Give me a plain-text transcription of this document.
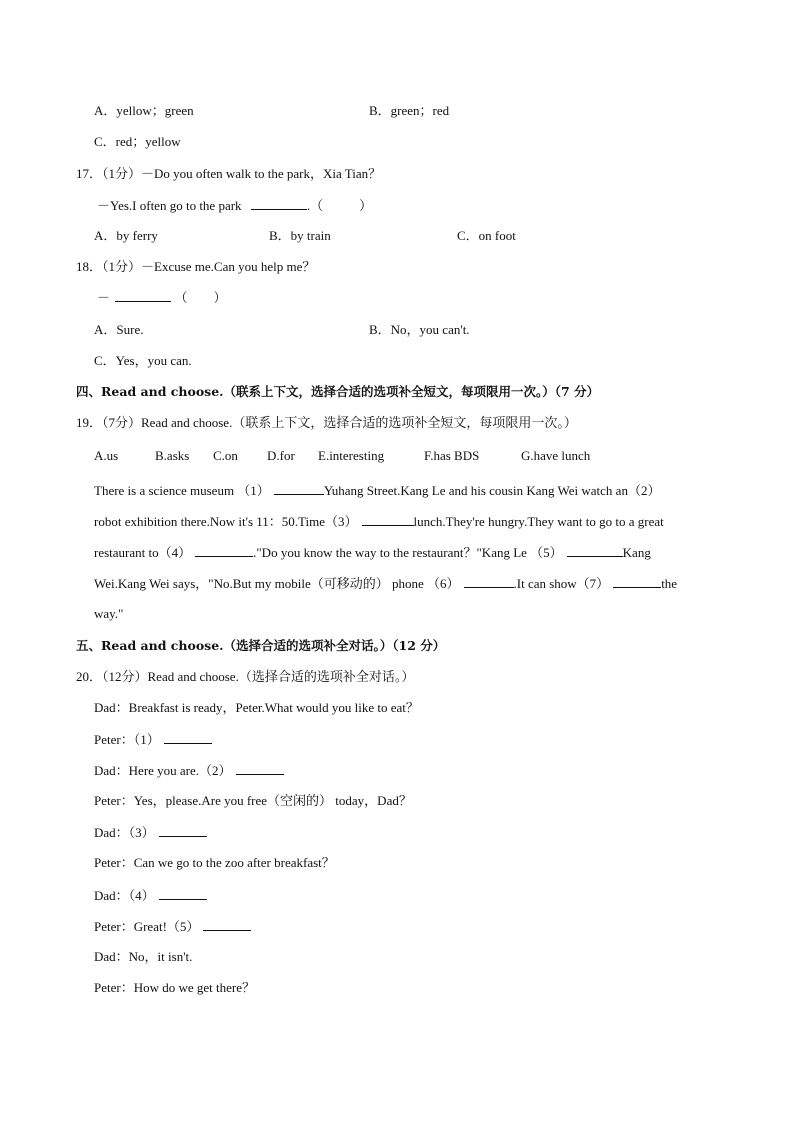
A．yellow；green	B．green；red
C．red；yellow
17．（1分）－Do you often walk to the park，Xia Tian？
－Yes.I often go to the park	.（	）
A．by ferry	B．by train	C．on foot
18．（1分）－Excuse me.Can you help me？
－	（ ）
A．Sure.	B．No，you can't.
C．Yes，you can.
四、Read and choose.（联系上下文，选择合适的选项补全短文，每项限用一次。）（7 分）
19．（7分）Read and choose.（联系上下文，选择合适的选项补全短文，每项限用一次。）
A.us	B.asks C.on D.for E.interesting	F.has BDS	G.have lunch
There is a science museum （1）	Yuhang Street.Kang Le and his cousin Kang Wei watch an（2）
robot exhibition there.Now it's 11：50.Time（3）	lunch.They're hungry.They want to go to a great
restaurant to（4）	."Do you know the way to the restaurant？"Kang Le （5）	Kang
Wei.Kang Wei says，"No.But my mobile（可移动的） phone （6）	.It can show（7）	the
way."
五、Read and choose.（选择合适的选项补全对话。）（12 分）
20．（12分）Read and choose.（选择合适的选项补全对话。）
Dad：Breakfast is ready，Peter.What would you like to eat？
Peter：（1）
Dad：Here you are.（2）
Peter：Yes，please.Are you free（空闲的） today，Dad？
Dad：（3）
Peter：Can we go to the zoo after breakfast？
Dad：（4）
Peter：Great!（5）
Dad：No，it isn't.
Peter：How do we get there？
